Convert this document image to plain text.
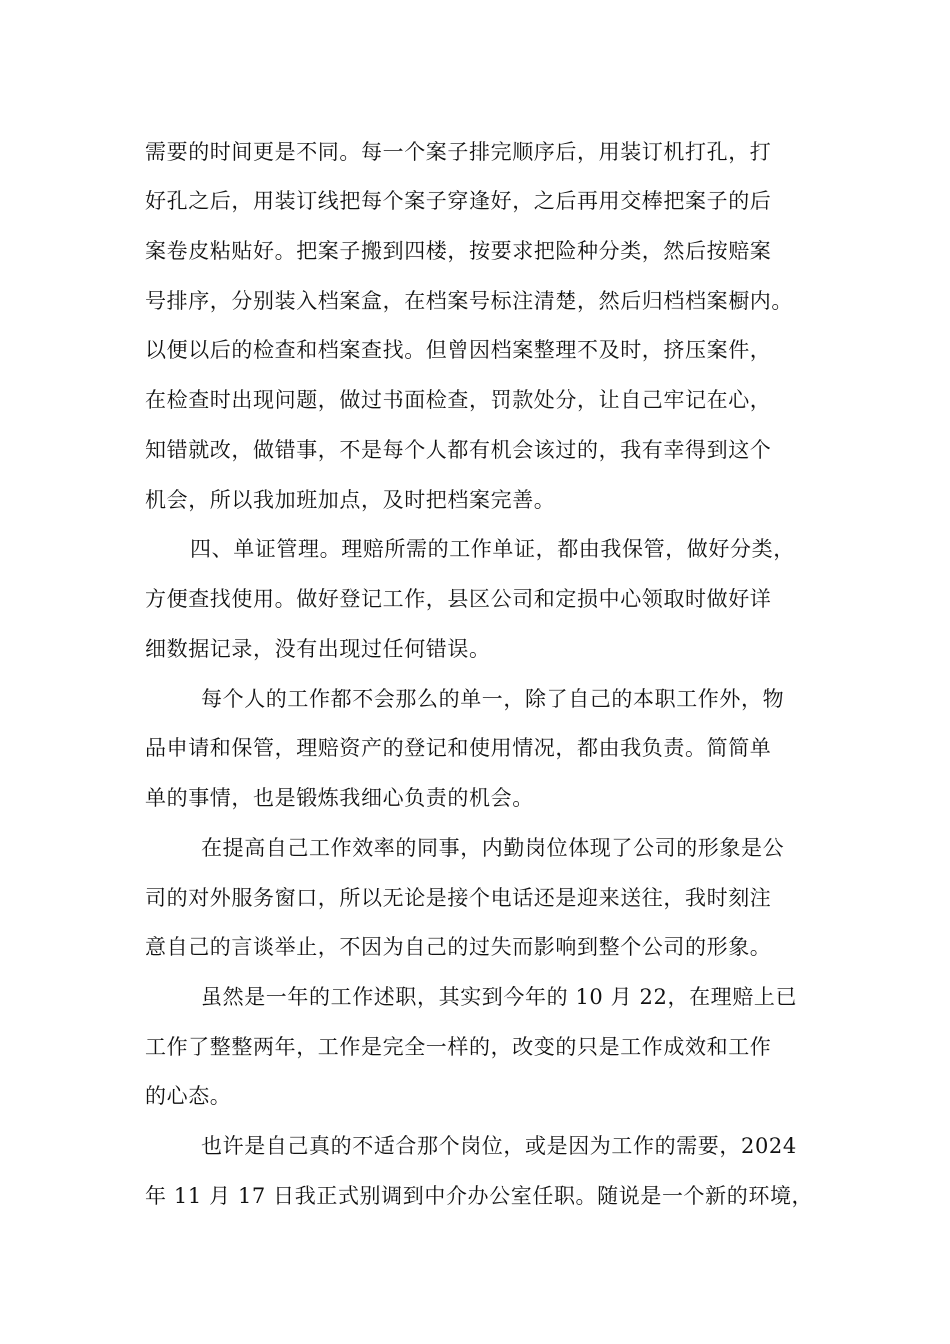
需要的时间更是不同。每一个案子排完顺序后，用装订机打孔，打
好孔之后，用装订线把每个案子穿逢好，之后再用交棒把案子的后
案卷皮粘贴好。把案子搬到四楼，按要求把险种分类，然后按赔案
号排序，分别装入档案盒，在档案号标注清楚，然后归档档案橱内。
以便以后的检查和档案查找。但曾因档案整理不及时，挤压案件，
在检查时出现问题，做过书面检查，罚款处分，让自己牢记在心，
知错就改，做错事，不是每个人都有机会该过的，我有幸得到这个
机会，所以我加班加点，及时把档案完善。
四、单证管理。理赔所需的工作单证，都由我保管，做好分类，
方便查找使用。做好登记工作，县区公司和定损中心领取时做好详
细数据记录，没有出现过任何错误。
每个人的工作都不会那么的单一，除了自己的本职工作外，物
品申请和保管，理赔资产的登记和使用情况，都由我负责。简简单
单的事情，也是锻炼我细心负责的机会。
在提高自己工作效率的同事，内勤岗位体现了公司的形象是公
司的对外服务窗口，所以无论是接个电话还是迎来送往，我时刻注
意自己的言谈举止，不因为自己的过失而影响到整个公司的形象。
虽然是一年的工作述职，其实到今年的 10 月 22，在理赔上已
工作了整整两年，工作是完全一样的，改变的只是工作成效和工作
的心态。
也许是自己真的不适合那个岗位，或是因为工作的需要，2024
年 11 月 17 日我正式别调到中介办公室任职。随说是一个新的环境，
